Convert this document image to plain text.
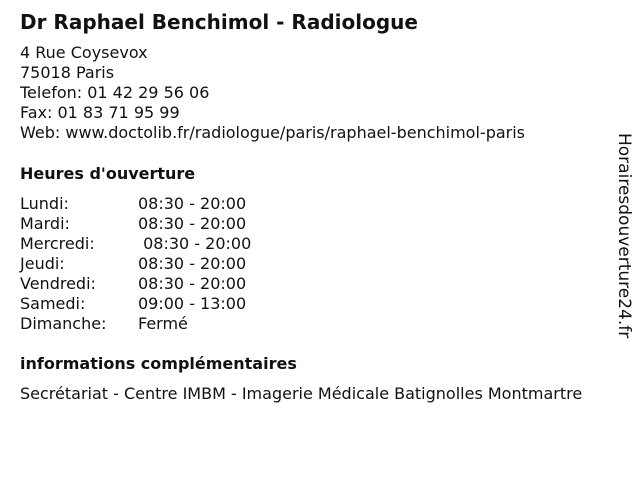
Dr Raphael Benchimol - Radiologue
4 Rue Coysevox
75018 Paris
Telefon: 01 42 29 56 06
Fax: 01 83 71 95 99
Web: www.doctolib.fr/radiologue/paris/raphael-benchimol-paris
Heures d'ouverture
Lundi:	08:30 - 20:00
Mardi:	08:30 - 20:00
Mercredi:	08:30 - 20:00
Jeudi:	08:30 - 20:00
Vendredi:	08:30 - 20:00
Samedi:	09:00 - 13:00
Dimanche:	Fermé
informations complémentaires
Secrétariat - Centre IMBM - Imagerie Médicale Batignolles Montmartre
Horairesdouverture24.fr
